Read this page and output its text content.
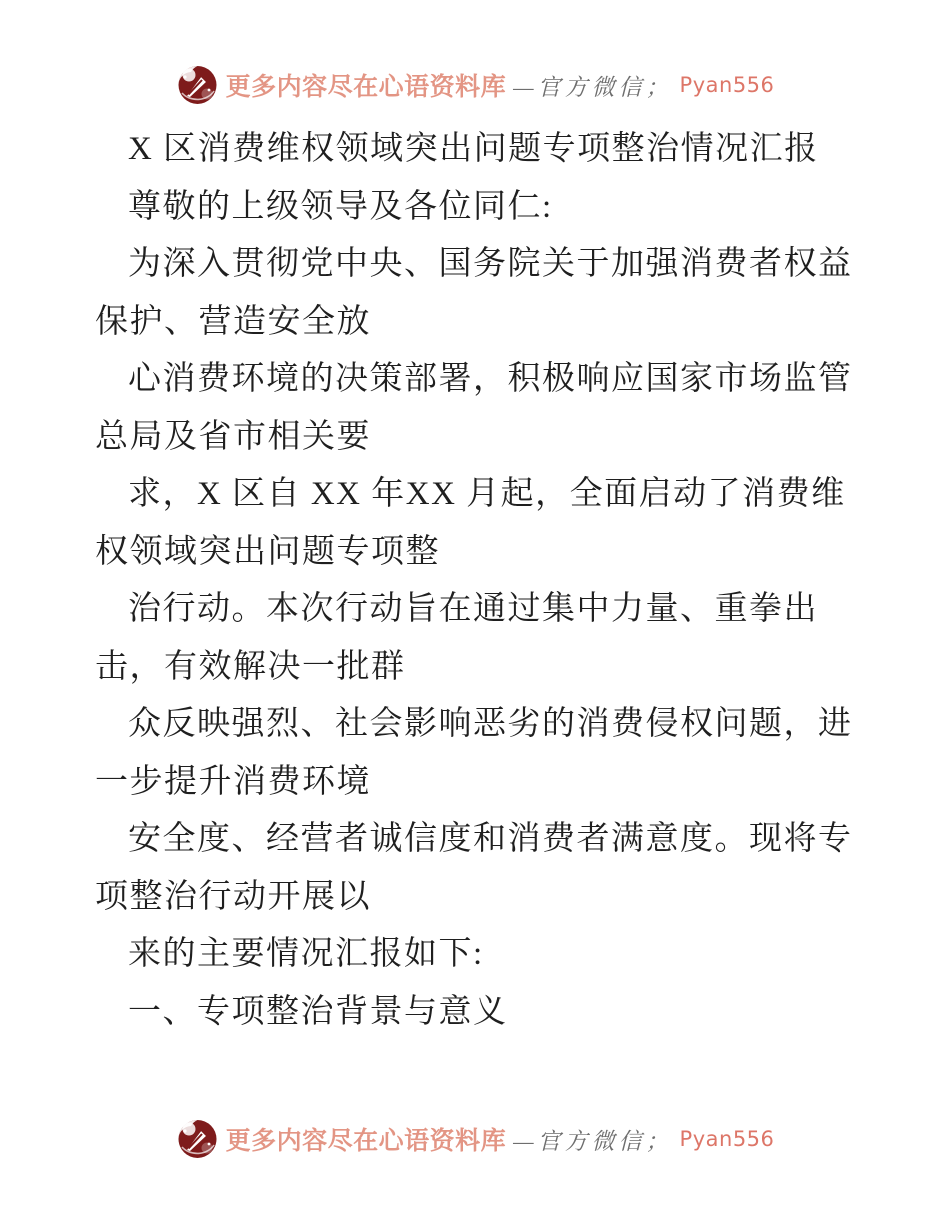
更多内容尽在心语资料库 —官方微信； Pyan556
X 区消费维权领域突出问题专项整治情况汇报
尊敬的上级领导及各位同仁:
为深入贯彻党中央、国务院关于加强消费者权益
保护、营造安全放
心消费环境的决策部署，积极响应国家市场监管
总局及省市相关要
求，X 区自 XX 年XX 月起，全面启动了消费维
权领域突出问题专项整
治行动。本次行动旨在通过集中力量、重拳出
击，有效解决一批群
众反映强烈、社会影响恶劣的消费侵权问题，进
一步提升消费环境
安全度、经营者诚信度和消费者满意度。现将专
项整治行动开展以
来的主要情况汇报如下:
一、专项整治背景与意义
更多内容尽在心语资料库 —官方微信； Pyan556
